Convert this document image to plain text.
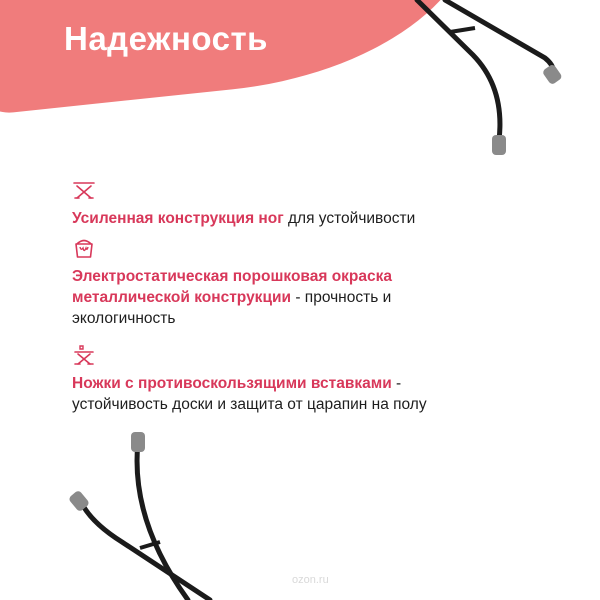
Надежность

Усиленная конструкция ног для устойчивости

Электростатическая порошковая окраска металлической конструкции - прочность и экологичность

Ножки с противоскользящими вставками - устойчивость доски и защита от царапин на полу

ozon.ru
